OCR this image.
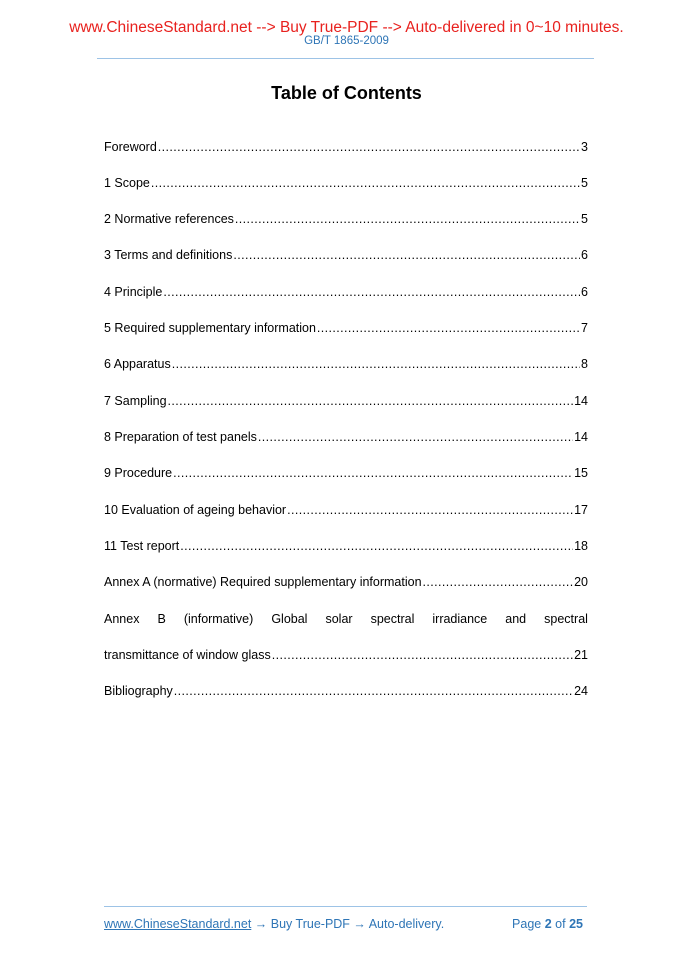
www.ChineseStandard.net --> Buy True-PDF --> Auto-delivered in 0~10 minutes.
GB/T 1865-2009
Table of Contents
Foreword .....	3
1 Scope .....	5
2 Normative references .....	5
3 Terms and definitions .....	6
4 Principle .....	6
5 Required supplementary information .....	7
6 Apparatus .....	8
7 Sampling .....	14
8 Preparation of test panels .....	14
9 Procedure .....	15
10 Evaluation of ageing behavior .....	17
11 Test report .....	18
Annex A (normative) Required supplementary information .....	20
Annex B (informative) Global solar spectral irradiance and spectral
transmittance of window glass .....	21
Bibliography .....	24
www.ChineseStandard.net → Buy True-PDF → Auto-delivery.	Page 2 of 25
